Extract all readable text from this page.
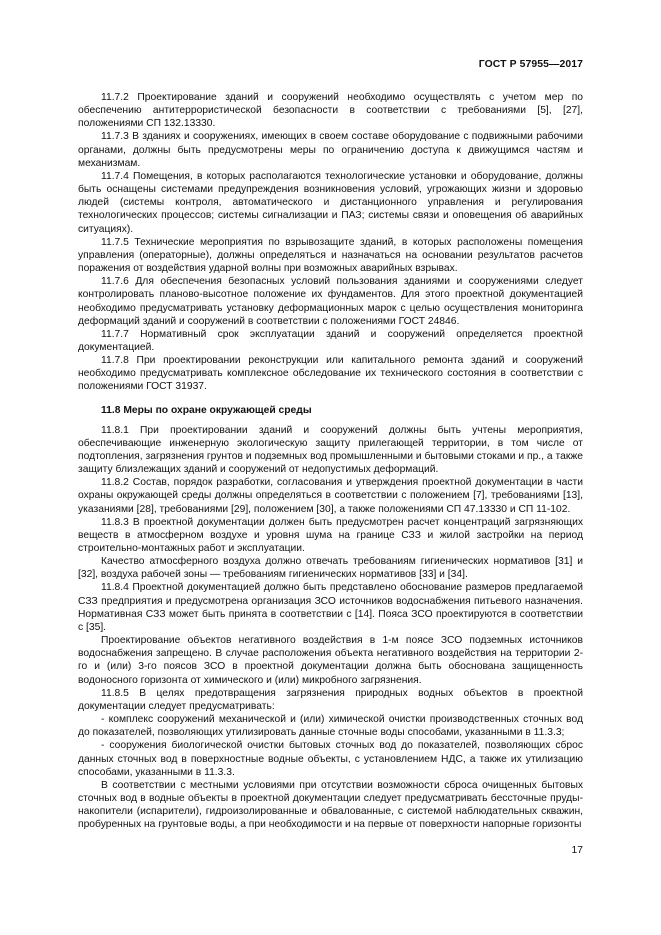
ГОСТ Р 57955—2017

11.7.2 Проектирование зданий и сооружений необходимо осуществлять с учетом мер по обеспечению антитеррористической безопасности в соответствии с требованиями [5], [27], положениями СП 132.13330.

11.7.3 В зданиях и сооружениях, имеющих в своем составе оборудование с подвижными рабочими органами, должны быть предусмотрены меры по ограничению доступа к движущимся частям и механизмам.

11.7.4 Помещения, в которых располагаются технологические установки и оборудование, должны быть оснащены системами предупреждения возникновения условий, угрожающих жизни и здоровью людей (системы контроля, автоматического и дистанционного управления и регулирования технологических процессов; системы сигнализации и ПАЗ; системы связи и оповещения об аварийных ситуациях).

11.7.5 Технические мероприятия по взрывозащите зданий, в которых расположены помещения управления (операторные), должны определяться и назначаться на основании результатов расчетов поражения от воздействия ударной волны при возможных аварийных взрывах.

11.7.6 Для обеспечения безопасных условий пользования зданиями и сооружениями следует контролировать планово-высотное положение их фундаментов. Для этого проектной документацией необходимо предусматривать установку деформационных марок с целью осуществления мониторинга деформаций зданий и сооружений в соответствии с положениями ГОСТ 24846.

11.7.7 Нормативный срок эксплуатации зданий и сооружений определяется проектной документацией.

11.7.8 При проектировании реконструкции или капитального ремонта зданий и сооружений необходимо предусматривать комплексное обследование их технического состояния в соответствии с положениями ГОСТ 31937.

11.8 Меры по охране окружающей среды

11.8.1 При проектировании зданий и сооружений должны быть учтены мероприятия, обеспечивающие инженерную экологическую защиту прилегающей территории, в том числе от подтопления, загрязнения грунтов и подземных вод промышленными и бытовыми стоками и пр., а также защиту близлежащих зданий и сооружений от недопустимых деформаций.

11.8.2 Состав, порядок разработки, согласования и утверждения проектной документации в части охраны окружающей среды должны определяться в соответствии с положением [7], требованиями [13], указаниями [28], требованиями [29], положением [30], а также положениями СП 47.13330 и СП 11-102.

11.8.3 В проектной документации должен быть предусмотрен расчет концентраций загрязняющих веществ в атмосферном воздухе и уровня шума на границе СЗЗ и жилой застройки на период строительно-монтажных работ и эксплуатации.

Качество атмосферного воздуха должно отвечать требованиям гигиенических нормативов [31] и [32], воздуха рабочей зоны — требованиям гигиенических нормативов [33] и [34].

11.8.4 Проектной документацией должно быть представлено обоснование размеров предлагаемой СЗЗ предприятия и предусмотрена организация ЗСО источников водоснабжения питьевого назначения. Нормативная СЗЗ может быть принята в соответствии с [14]. Пояса ЗСО проектируются в соответствии с [35].

Проектирование объектов негативного воздействия в 1-м поясе ЗСО подземных источников водоснабжения запрещено. В случае расположения объекта негативного воздействия на территории 2-го и (или) 3-го поясов ЗСО в проектной документации должна быть обоснована защищенность водоносного горизонта от химического и (или) микробного загрязнения.

11.8.5 В целях предотвращения загрязнения природных водных объектов в проектной документации следует предусматривать:

- комплекс сооружений механической и (или) химической очистки производственных сточных вод до показателей, позволяющих утилизировать данные сточные воды способами, указанными в 11.3.3;

- сооружения биологической очистки бытовых сточных вод до показателей, позволяющих сброс данных сточных вод в поверхностные водные объекты, с установлением НДС, а также их утилизацию способами, указанными в 11.3.3.

В соответствии с местными условиями при отсутствии возможности сброса очищенных бытовых сточных вод в водные объекты в проектной документации следует предусматривать бессточные пруды-накопители (испарители), гидроизолированные и обвалованные, с системой наблюдательных скважин, пробуренных на грунтовые воды, а при необходимости и на первые от поверхности напорные горизонты

17
